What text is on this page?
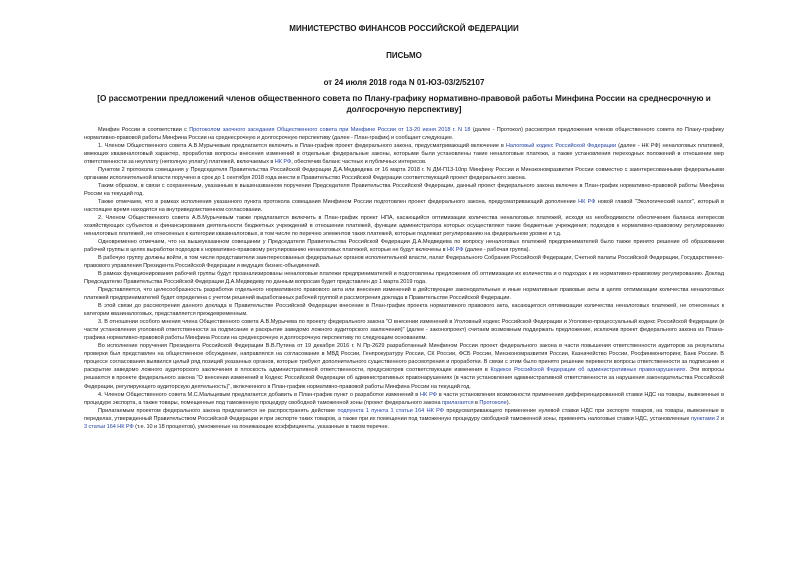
МИНИСТЕРСТВО ФИНАНСОВ РОССИЙСКОЙ ФЕДЕРАЦИИ
ПИСЬМО
от 24 июля 2018 года N 01-ЮЗ-03/2/52107
[О рассмотрении предложений членов общественного совета по Плану-графику нормативно-правовой работы Минфина России на среднесрочную и долгосрочную перспективу]

Минфин России в соответствии с Протоколом заочного заседания Общественного совета при Минфине России от 13-20 июня 2018 г. N 18 (далее - Протокол) рассмотрел предложения членов общественного совета по Плану-графику нормативно-правовой работы Минфина России на среднесрочную и долгосрочную перспективу (далее - План-график) и сообщает следующее.

1. Членом Общественного совета А.В.Мурычевым предлагается включить в План-график проект федерального закона, предусматривающий включение в Налоговый кодекс Российской Федерации (далее - НК РФ) неналоговых платежей, имеющих квазиналоговый характер, проработав вопросы внесения изменений в отдельные федеральные законы, которыми были установлены такие неналоговые платежи, а также установления переходных положений в отношении мер ответственности за неуплату (неполную уплату) платежей, включаемых в НК РФ, обеспечив баланс частных и публичных интересов.

Пунктом 2 протокола совещания у Председателя Правительства Российской Федерации Д.А.Медведева от 16 марта 2018 г. N ДМ-П13-10пр Минфину России и Минэкономразвития России совместно с заинтересованными федеральными органами исполнительной власти поручено в срок до 1 сентября 2018 года внести в Правительство Российской Федерации соответствующий проект федерального закона.

Таким образом, в связи с сохраненным, указанным в вышеназванном поручении Председателя Правительства Российской Федерации, данный проект федерального закона включен в План-график нормативно-правовой работы Минфина России на текущий год.

Также отмечаем, что в рамках исполнения указанного пункта протокола совещания Минфином России подготовлен проект федерального закона, предусматривающий дополнение НК РФ новой главой "Экологический налог", который в настоящее время находится на внутриведомственном согласовании.

2. Членом Общественного совета А.В.Мурычевым также предлагается включить в План-график проект НПА, касающийся оптимизации количества неналоговых платежей, исходя из необходимости обеспечения баланса интересов хозяйствующих субъектов и финансирования деятельности бюджетных учреждений в отношении платежей, функции администратора которых осуществляют такие бюджетные учреждения; подходов к нормативно-правовому регулированию неналоговых платежей, не отнесенных к категории квазиналоговых, в том числе по перечню элементов таких платежей, которые подлежат регулированию на федеральном уровне и т.д.

Одновременно отмечаем, что на вышеуказанном совещании у Председателя Правительства Российской Федерации Д.А.Медведева по вопросу неналоговых платежей предпринимателей было также принято решение об образовании рабочей группы в целях выработки подходов к нормативно-правовому регулированию неналоговых платежей, которые не будут включены в НК РФ (далее - рабочая группа).

В рабочую группу должны войти, в том числе представители заинтересованных федеральных органов исполнительной власти, палат Федерального Собрания Российской Федерации, Счетной палаты Российской Федерации, Государственно-правового управления Президента Российской Федерации и ведущих бизнес-объединений.

В рамках функционирования рабочей группы будут проанализированы неналоговые платежи предпринимателей и подготовлены предложения об оптимизации их количества и о подходах к их нормативно-правовому регулированию. Доклад Председателю Правительства Российской Федерации Д.А.Медведеву по данным вопросам будет представлен до 1 марта 2019 года.

Представляется, что целесообразность разработки отдельного нормативного правового акта или внесения изменений в действующие законодательные и иные нормативные правовые акты в целях оптимизации количества неналоговых платежей предпринимателей будет определена с учетом решений выработанных рабочей группой и рассмотрения доклада в Правительстве Российской Федерации.

В этой связи до рассмотрения данного доклада в Правительстве Российской Федерации внесение в План-график проекта нормативного правового акта, касающегося оптимизации количества неналоговых платежей, не отнесенных к категории квазиналоговых, представляется преждевременным.

3. В отношении особого мнения члена Общественного совета А.В.Мурычева по проекту федерального закона "О внесении изменений в Уголовный кодекс Российской Федерации и Уголовно-процессуальный кодекс Российской Федерации (в части установления уголовной ответственности за подписание и раскрытие заведомо ложного аудиторского заключения)" (далее - законопроект) считаем возможным поддержать предложение, исключив проект федерального закона из Плана-графика нормативно-правовой работы Минфина России на среднесрочную и долгосрочную перспективу по следующим основаниям.

Во исполнение поручения Президента Российской Федерации В.В.Путина от 19 декабря 2016 г. N Пр-2629 разработанный Минфином России проект федерального закона в части повышения ответственности аудиторов за результаты проверки был представлен на общественное обсуждение, направлялся на согласование в МВД России, Генпрокуратуру России, СК России, ФСБ России, Минэкономразвития России, Казначейство России, Росфинмониторинг, Банк России. В процессе согласования выявился целый ряд позиций указанных органов, которые требуют дополнительного существенного рассмотрения и проработки. В связи с этим было принято решение перевести вопросы ответственности за подписание и раскрытие заведомо ложного аудиторского заключения в плоскость административной ответственности, предусмотрев соответствующие изменения в Кодексе Российской Федерации об административных правонарушениях. Эти вопросы решаются в проекте федерального закона "О внесении изменений в Кодекс Российской Федерации об административных правонарушениях (в части установления административной ответственности за нарушения законодательства Российской Федерации, регулирующего аудиторскую деятельность)", включенного в План-график нормативно-правовой работы Минфина России на текущий год.

4. Членом Общественного совета М.С.Мальцевым предлагается добавить в План-график пункт о разработке изменений в НК РФ в части установления возможности применения дифференцированной ставки НДС на товары, вывезенные в процедуре экспорта, а также товары, помещенные под таможенную процедуру свободной таможенной зоны (проект федерального закона прилагается в Протоколе).

Прилагаемым проектом федерального закона предлагается не распространять действие подпункта 1 пункта 1 статьи 164 НК РФ предусматривающего применение нулевой ставки НДС при экспорте товаров, на товары, вывезенные в переделах, утвержденный Правительством Российской Федерации и при экспорте таких товаров, а также при их помещении под таможенную процедуру свободной таможенной зоны, применять налоговые ставки НДС, установленные пунктами 2 и 3 статьи 164 НК РФ (т.е. 10 и 18 процентов), умноженные на понижающие коэффициенты, указанные в таком перечне.
